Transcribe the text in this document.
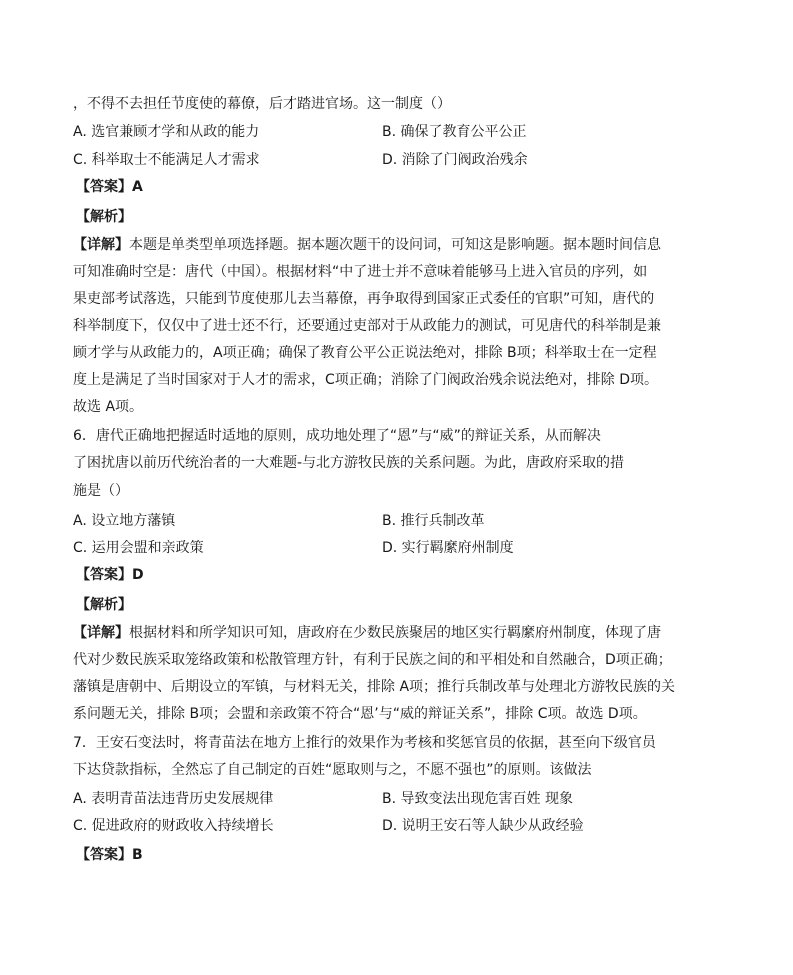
，不得不去担任节度使的幕僚，后才踏进官场。这一制度（）
A. 选官兼顾才学和从政的能力	B. 确保了教育公平公正
C. 科举取士不能满足人才需求	D. 消除了门阀政治残余
【答案】A
【解析】
【详解】本题是单类型单项选择题。据本题次题干的设问词，可知这是影响题。据本题时间信息
可知准确时空是：唐代（中国）。根据材料“中了进士并不意味着能够马上进入官员的序列，如
果吏部考试落选，只能到节度使那儿去当幕僚，再争取得到国家正式委任的官职”可知，唐代的
科举制度下，仅仅中了进士还不行，还要通过吏部对于从政能力的测试，可见唐代的科举制是兼
顾才学与从政能力的，A项正确；确保了教育公平公正说法绝对，排除 B项；科举取士在一定程
度上是满足了当时国家对于人才的需求，C项正确；消除了门阀政治残余说法绝对，排除 D项。
故选 A项。
6．唐代正确地把握适时适地的原则，成功地处理了“恩”与“威”的辩证关系，从而解决
了困扰唐以前历代统治者的一大难题-与北方游牧民族的关系问题。为此，唐政府采取的措
施是（）
A. 设立地方藩镇	B. 推行兵制改革
C. 运用会盟和亲政策	D. 实行羁縻府州制度
【答案】D
【解析】
【详解】根据材料和所学知识可知，唐政府在少数民族聚居的地区实行羁縻府州制度，体现了唐
代对少数民族采取笼络政策和松散管理方针，有利于民族之间的和平相处和自然融合，D项正确；
藩镇是唐朝中、后期设立的军镇，与材料无关，排除 A项；推行兵制改革与处理北方游牧民族的关
系问题无关，排除 B项；会盟和亲政策不符合“恩’与“威的辩证关系”，排除 C项。故选 D项。
7．王安石变法时，将青苗法在地方上推行的效果作为考核和奖惩官员的依据，甚至向下级官员
下达贷款指标，全然忘了自己制定的百姓“愿取则与之，不愿不强也”的原则。该做法
A. 表明青苗法违背历史发展规律	B. 导致变法出现危害百姓 现象
C. 促进政府的财政收入持续增长	D. 说明王安石等人缺少从政经验
【答案】B
